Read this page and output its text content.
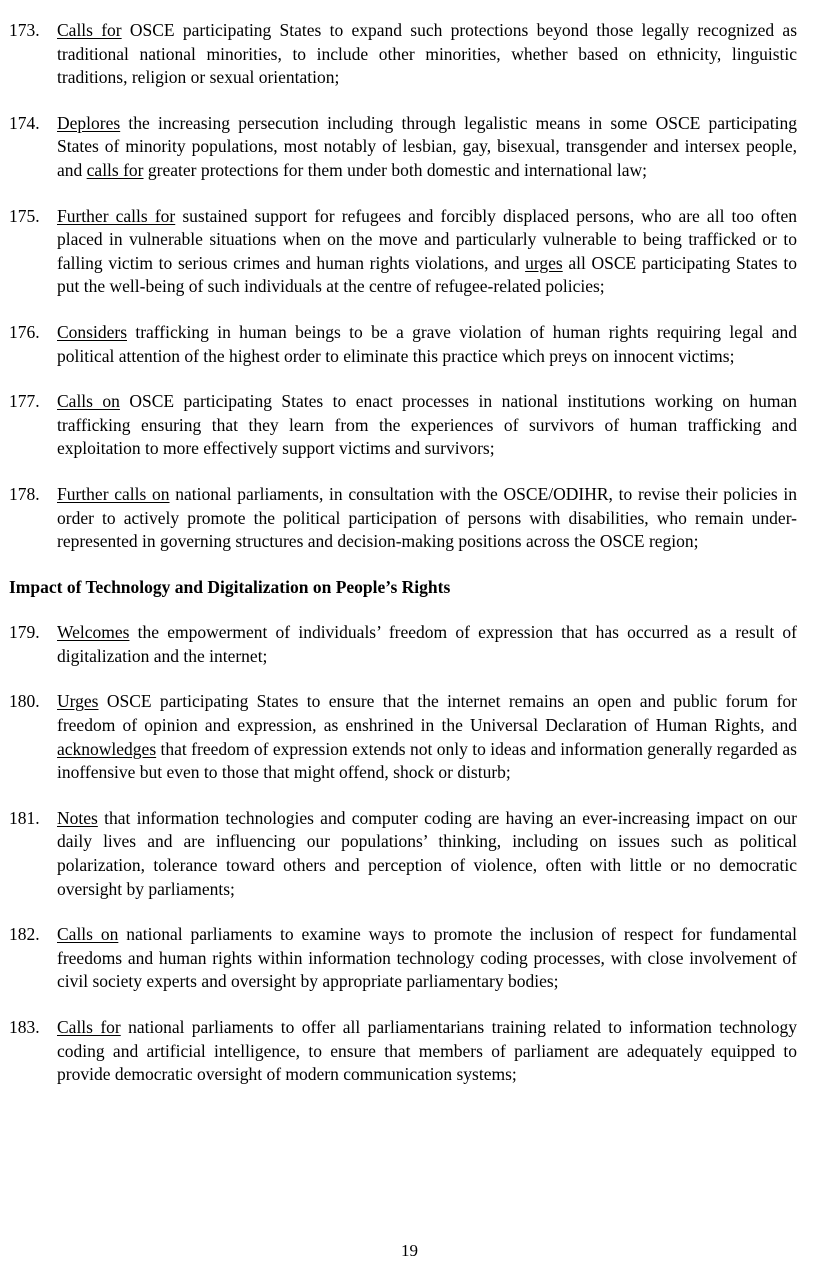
173. Calls for OSCE participating States to expand such protections beyond those legally recognized as traditional national minorities, to include other minorities, whether based on ethnicity, linguistic traditions, religion or sexual orientation;

174. Deplores the increasing persecution including through legalistic means in some OSCE participating States of minority populations, most notably of lesbian, gay, bisexual, transgender and intersex people, and calls for greater protections for them under both domestic and international law;

175. Further calls for sustained support for refugees and forcibly displaced persons, who are all too often placed in vulnerable situations when on the move and particularly vulnerable to being trafficked or to falling victim to serious crimes and human rights violations, and urges all OSCE participating States to put the well-being of such individuals at the centre of refugee-related policies;

176. Considers trafficking in human beings to be a grave violation of human rights requiring legal and political attention of the highest order to eliminate this practice which preys on innocent victims;

177. Calls on OSCE participating States to enact processes in national institutions working on human trafficking ensuring that they learn from the experiences of survivors of human trafficking and exploitation to more effectively support victims and survivors;

178. Further calls on national parliaments, in consultation with the OSCE/ODIHR, to revise their policies in order to actively promote the political participation of persons with disabilities, who remain under-represented in governing structures and decision-making positions across the OSCE region;

Impact of Technology and Digitalization on People’s Rights

179. Welcomes the empowerment of individuals’ freedom of expression that has occurred as a result of digitalization and the internet;

180. Urges OSCE participating States to ensure that the internet remains an open and public forum for freedom of opinion and expression, as enshrined in the Universal Declaration of Human Rights, and acknowledges that freedom of expression extends not only to ideas and information generally regarded as inoffensive but even to those that might offend, shock or disturb;

181. Notes that information technologies and computer coding are having an ever-increasing impact on our daily lives and are influencing our populations’ thinking, including on issues such as political polarization, tolerance toward others and perception of violence, often with little or no democratic oversight by parliaments;

182. Calls on national parliaments to examine ways to promote the inclusion of respect for fundamental freedoms and human rights within information technology coding processes, with close involvement of civil society experts and oversight by appropriate parliamentary bodies;

183. Calls for national parliaments to offer all parliamentarians training related to information technology coding and artificial intelligence, to ensure that members of parliament are adequately equipped to provide democratic oversight of modern communication systems;

19
